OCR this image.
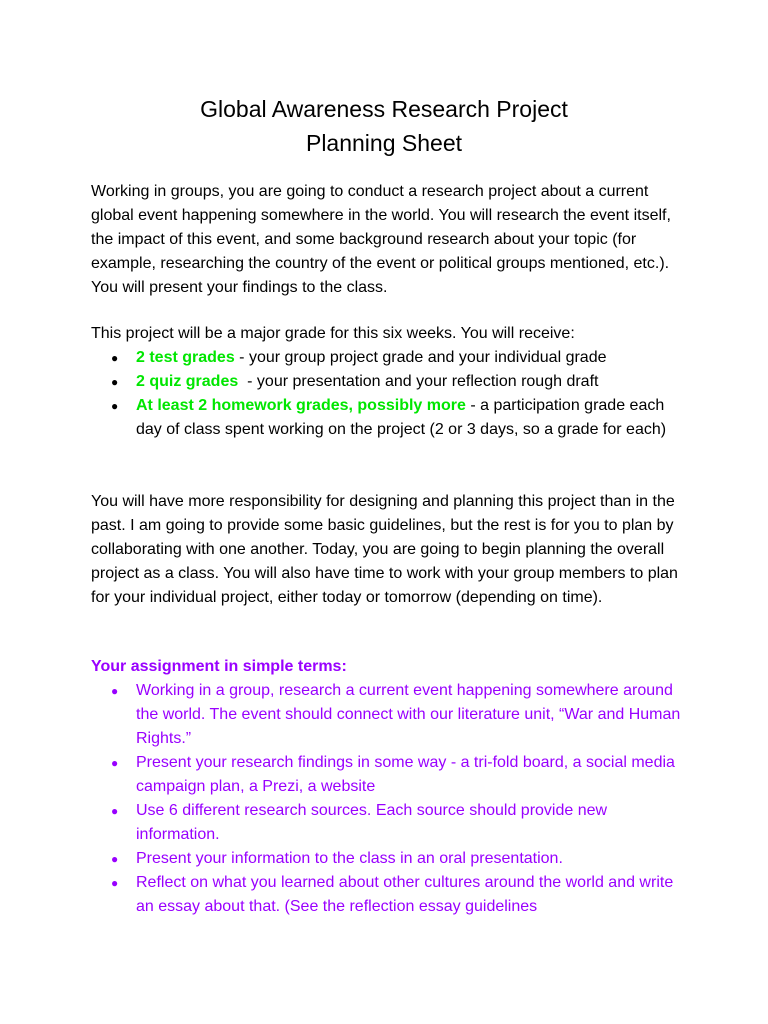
Global Awareness Research Project
Planning Sheet

Working in groups, you are going to conduct a research project about a current global event happening somewhere in the world. You will research the event itself, the impact of this event, and some background research about your topic (for example, researching the country of the event or political groups mentioned, etc.). You will present your findings to the class.

This project will be a major grade for this six weeks. You will receive:

● 2 test grades - your group project grade and your individual grade
● 2 quiz grades  - your presentation and your reflection rough draft
● At least 2 homework grades, possibly more - a participation grade each day of class spent working on the project (2 or 3 days, so a grade for each)

You will have more responsibility for designing and planning this project than in the past. I am going to provide some basic guidelines, but the rest is for you to plan by collaborating with one another. Today, you are going to begin planning the overall project as a class. You will also have time to work with your group members to plan for your individual project, either today or tomorrow (depending on time).

Your assignment in simple terms:

● Working in a group, research a current event happening somewhere around the world. The event should connect with our literature unit, “War and Human Rights.”
● Present your research findings in some way - a tri-fold board, a social media campaign plan, a Prezi, a website
● Use 6 different research sources. Each source should provide new information.
● Present your information to the class in an oral presentation.
● Reflect on what you learned about other cultures around the world and write an essay about that. (See the reflection essay guidelines
